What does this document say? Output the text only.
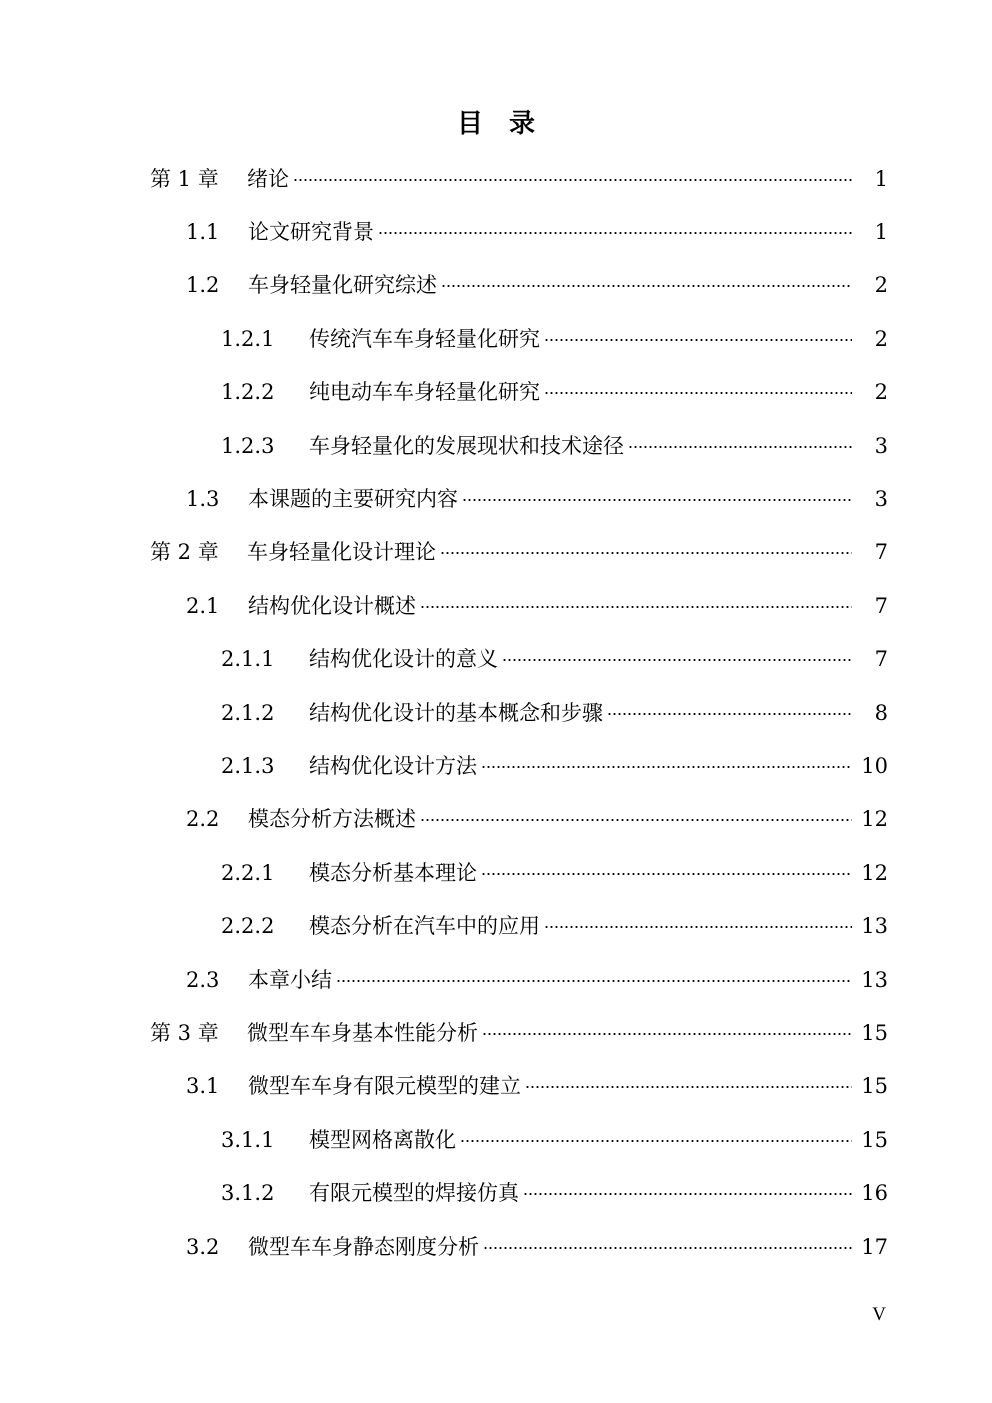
目录
第 1 章	绪论	1
1.1	论文研究背景	1
1.2	车身轻量化研究综述	2
1.2.1	传统汽车车身轻量化研究	2
1.2.2	纯电动车车身轻量化研究	2
1.2.3	车身轻量化的发展现状和技术途径	3
1.3	本课题的主要研究内容	3
第 2 章	车身轻量化设计理论	7
2.1	结构优化设计概述	7
2.1.1	结构优化设计的意义	7
2.1.2	结构优化设计的基本概念和步骤	8
2.1.3	结构优化设计方法	10
2.2	模态分析方法概述	12
2.2.1	模态分析基本理论	12
2.2.2	模态分析在汽车中的应用	13
2.3	本章小结	13
第 3 章	微型车车身基本性能分析	15
3.1	微型车车身有限元模型的建立	15
3.1.1	模型网格离散化	15
3.1.2	有限元模型的焊接仿真	16
3.2	微型车车身静态刚度分析	17
V
